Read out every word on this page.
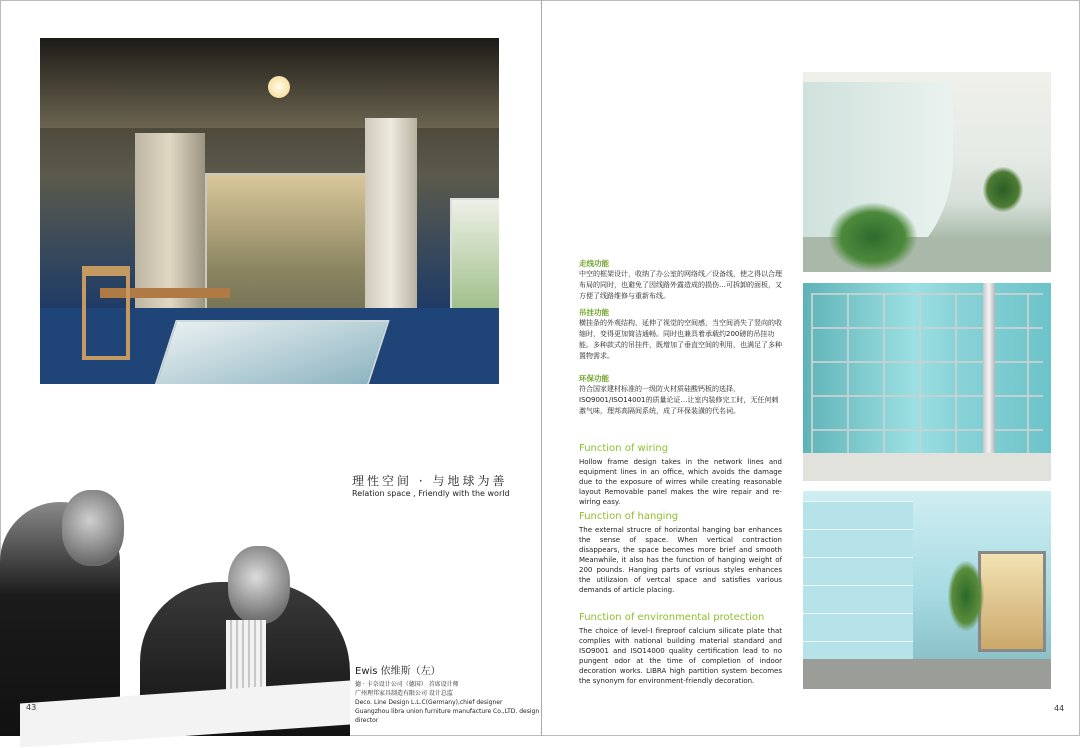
理性空间 · 与地球为善
Relation space , Friendly with the world
Ewis 依维斯（左）
德 · 卡奈设计公司（德国） 首席设计师
广州理邦家具制造有限公司 设计总监
Deco. Line Design L.L.C(Germany),chief designer
Guangzhou libra union furniture manufacture Co.,LTD. design director
43
走线功能
中空的框架设计，收纳了办公室的网络线／设备线，使之得以合理布局的同时，也避免了因线路外露造成的损伤…可拆卸的面板，又方便了线路维修与重新布线。
吊挂功能
横挂条的外观结构，延伸了视觉的空间感，当空间消失了竖向的收缩时，变得更加简洁通畅。同时也兼具着承载约200磅的吊挂功能。多种款式的吊挂件，既增加了垂直空间的利用，也满足了多种置物需求。
环保功能
符合国家建材标准的一级防火材质硅酸钙板的选择，ISO9001/ISO14001的质量论证…让室内装修完工时，无任何刺激气味，理邦高隔间系统，成了环保装潢的代名词。
Function of wiring
Hollow frame design takes in the network lines and equipment lines in an office, which avoids the damage due to the exposure of wirres while creating reasonable layout Removable panel makes the wire repair and re-wiring easy.
Function of hanging
The external strucre of horizontal hanging bar enhances the sense of space. When vertical contraction disappears, the space becomes more brief and smooth Meanwhile, it also has the function of hanging weight of 200 pounds. Hanging parts of vsrious styles enhances the utilizaion of vertcal space and satisfies various demands of article placing.
Function of environmental protection
The choice of level-I fireproof calcium silicate plate that complies with national building material standard and ISO9001 and ISO14000 quality certification lead to no pungent odor at the time of completion of indoor decoration works. LIBRA high partition system becomes the synonym for environment-friendly decoration.
44
